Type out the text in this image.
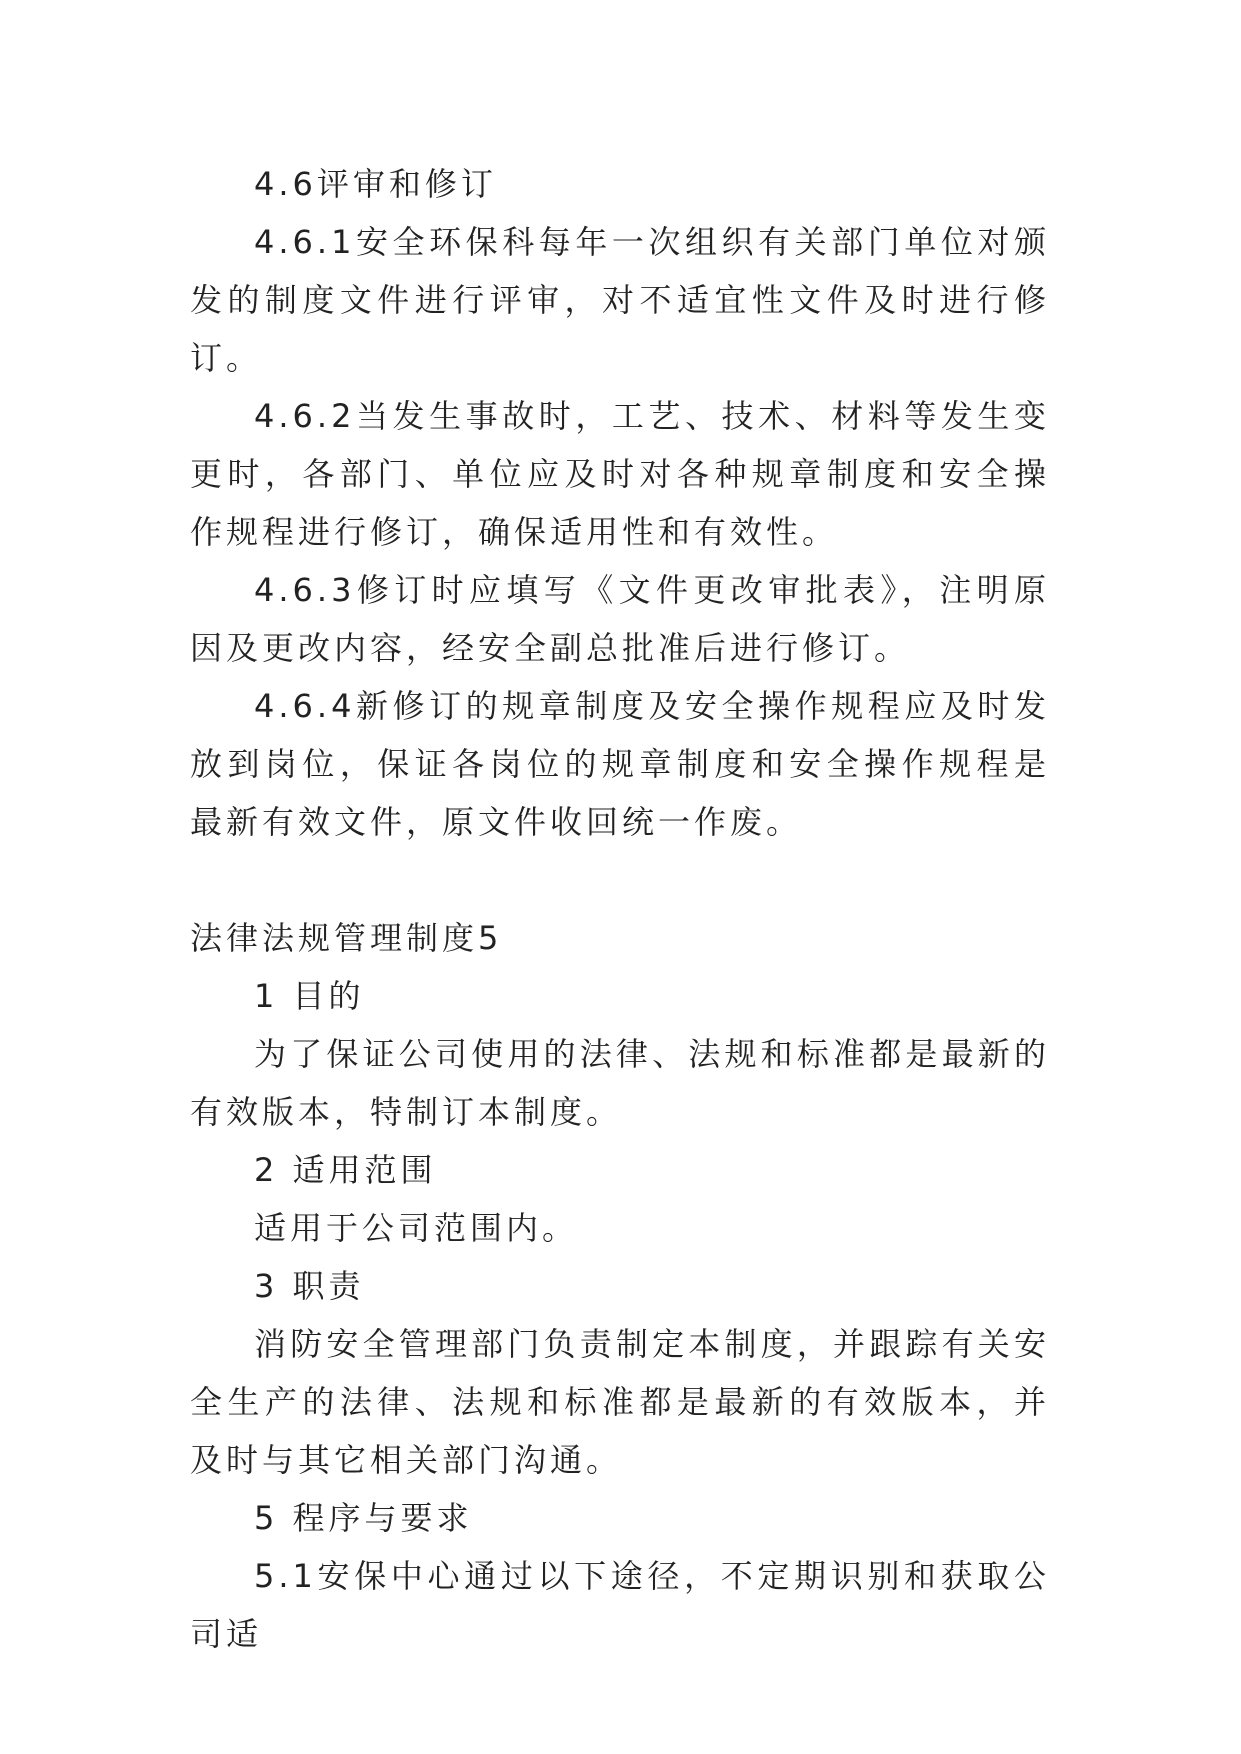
4.6评审和修订

4.6.1安全环保科每年一次组织有关部门单位对颁发的制度文件进行评审，对不适宜性文件及时进行修订。

4.6.2当发生事故时，工艺、技术、材料等发生变更时，各部门、单位应及时对各种规章制度和安全操作规程进行修订，确保适用性和有效性。

4.6.3修订时应填写《文件更改审批表》，注明原因及更改内容，经安全副总批准后进行修订。

4.6.4新修订的规章制度及安全操作规程应及时发放到岗位，保证各岗位的规章制度和安全操作规程是最新有效文件，原文件收回统一作废。

法律法规管理制度5

1 目的

为了保证公司使用的法律、法规和标准都是最新的有效版本，特制订本制度。

2 适用范围

适用于公司范围内。

3 职责

消防安全管理部门负责制定本制度，并跟踪有关安全生产的法律、法规和标准都是最新的有效版本，并及时与其它相关部门沟通。

5 程序与要求

5.1安保中心通过以下途径，不定期识别和获取公司适
